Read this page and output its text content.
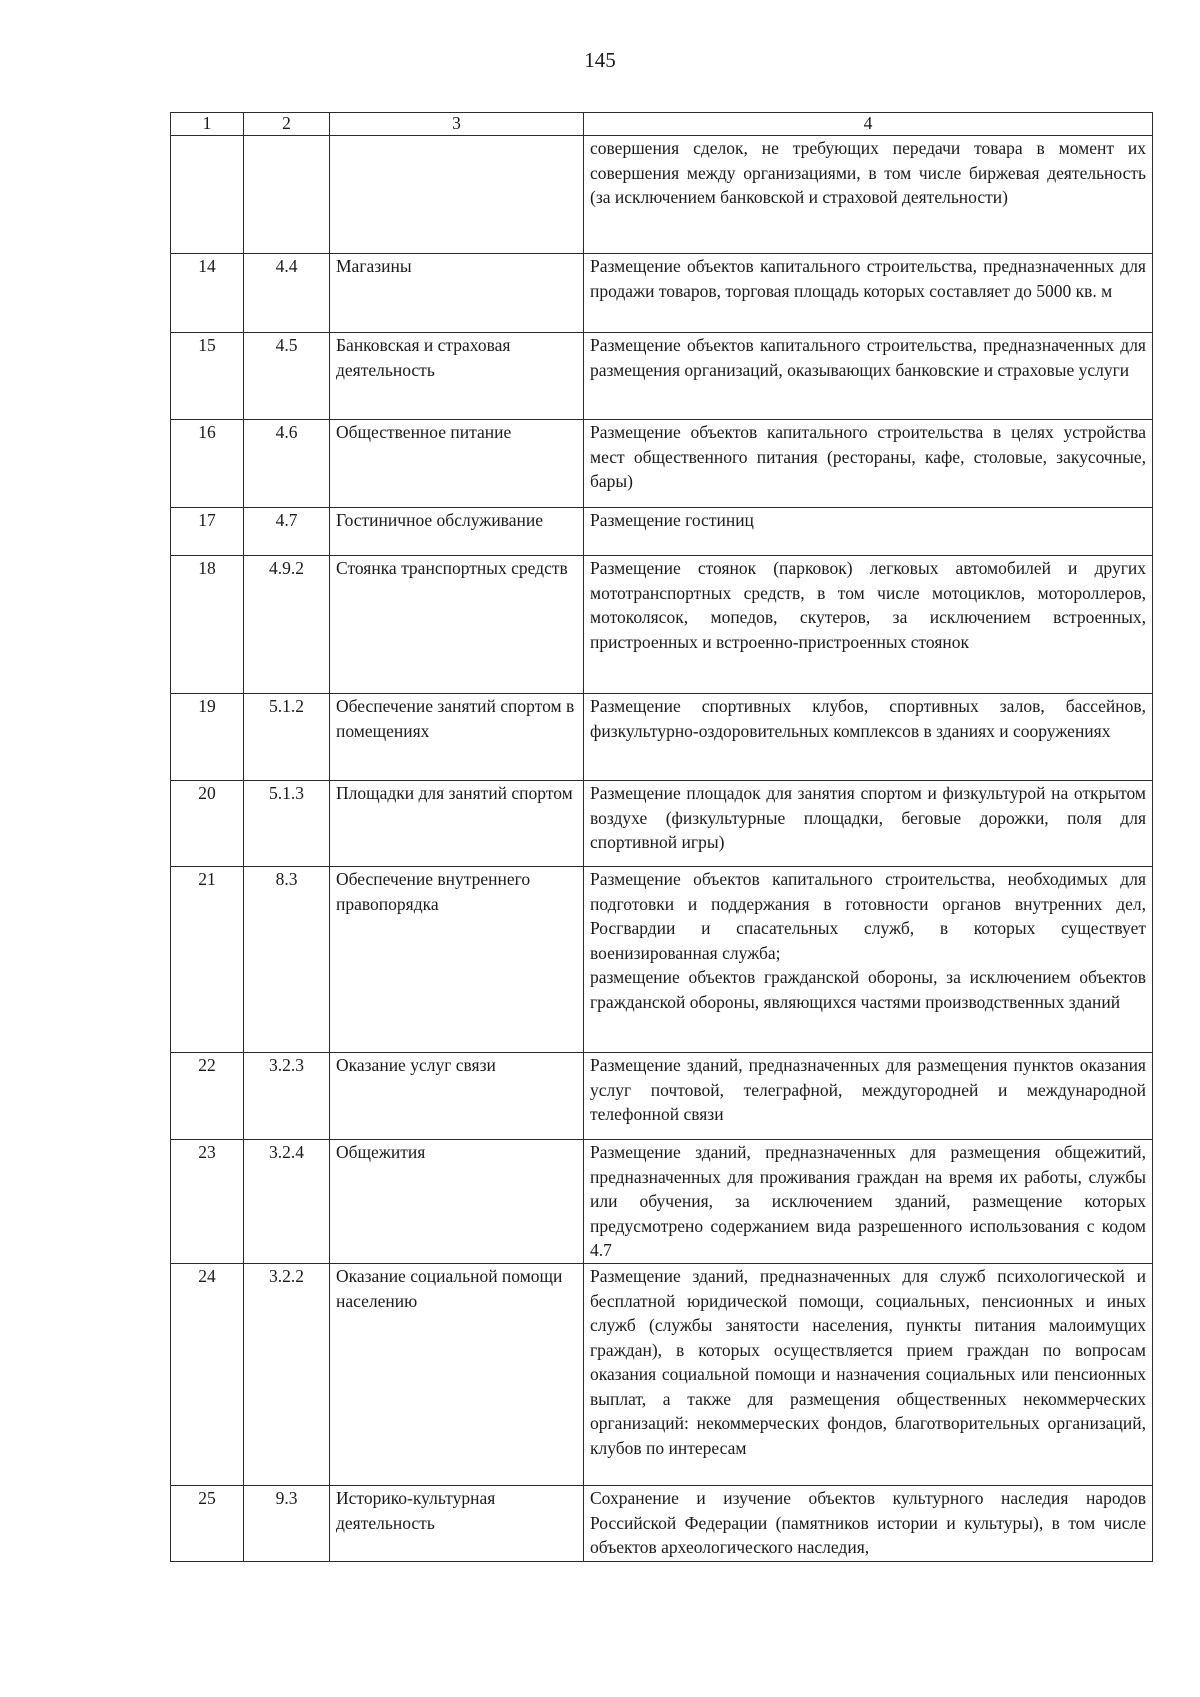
145
1	2	3	4

			совершения сделок, не требующих передачи товара в момент их совершения между организациями, в том числе биржевая деятельность (за исключением банковской и страховой деятельности)

14	4.4	Магазины	Размещение объектов капитального строительства, предназначенных для продажи товаров, торговая площадь которых составляет до 5000 кв. м

15	4.5	Банковская и страховая деятельность	Размещение объектов капитального строительства, предназначенных для размещения организаций, оказывающих банковские и страховые услуги

16	4.6	Общественное питание	Размещение объектов капитального строительства в целях устройства мест общественного питания (рестораны, кафе, столовые, закусочные, бары)

17	4.7	Гостиничное обслуживание	Размещение гостиниц

18	4.9.2	Стоянка транспортных средств	Размещение стоянок (парковок) легковых автомобилей и других мототранспортных средств, в том числе мотоциклов, мотороллеров, мотоколясок, мопедов, скутеров, за исключением встроенных, пристроенных и встроенно-пристроенных стоянок

19	5.1.2	Обеспечение занятий спортом в помещениях	Размещение спортивных клубов, спортивных залов, бассейнов, физкультурно-оздоровительных комплексов в зданиях и сооружениях

20	5.1.3	Площадки для занятий спортом	Размещение площадок для занятия спортом и физкультурой на открытом воздухе (физкультурные площадки, беговые дорожки, поля для спортивной игры)

21	8.3	Обеспечение внутреннего правопорядка	Размещение объектов капитального строительства, необходимых для подготовки и поддержания в готовности органов внутренних дел, Росгвардии и спасательных служб, в которых существует военизированная служба;

размещение объектов гражданской обороны, за исключением объектов гражданской обороны, являющихся частями производственных зданий

22	3.2.3	Оказание услуг связи	Размещение зданий, предназначенных для размещения пунктов оказания услуг почтовой, телеграфной, междугородней и международной телефонной связи

23	3.2.4	Общежития	Размещение зданий, предназначенных для размещения общежитий, предназначенных для проживания граждан на время их работы, службы или обучения, за исключением зданий, размещение которых предусмотрено содержанием вида разрешенного использования с кодом 4.7

24	3.2.2	Оказание социальной помощи населению	Размещение зданий, предназначенных для служб психологической и бесплатной юридической помощи, социальных, пенсионных и иных служб (службы занятости населения, пункты питания малоимущих граждан), в которых осуществляется прием граждан по вопросам оказания социальной помощи и назначения социальных или пенсионных выплат, а также для размещения общественных некоммерческих организаций: некоммерческих фондов, благотворительных организаций, клубов по интересам

25	9.3	Историко-культурная деятельность	Сохранение и изучение объектов культурного наследия народов Российской Федерации (памятников истории и культуры), в том числе объектов археологического наследия,
